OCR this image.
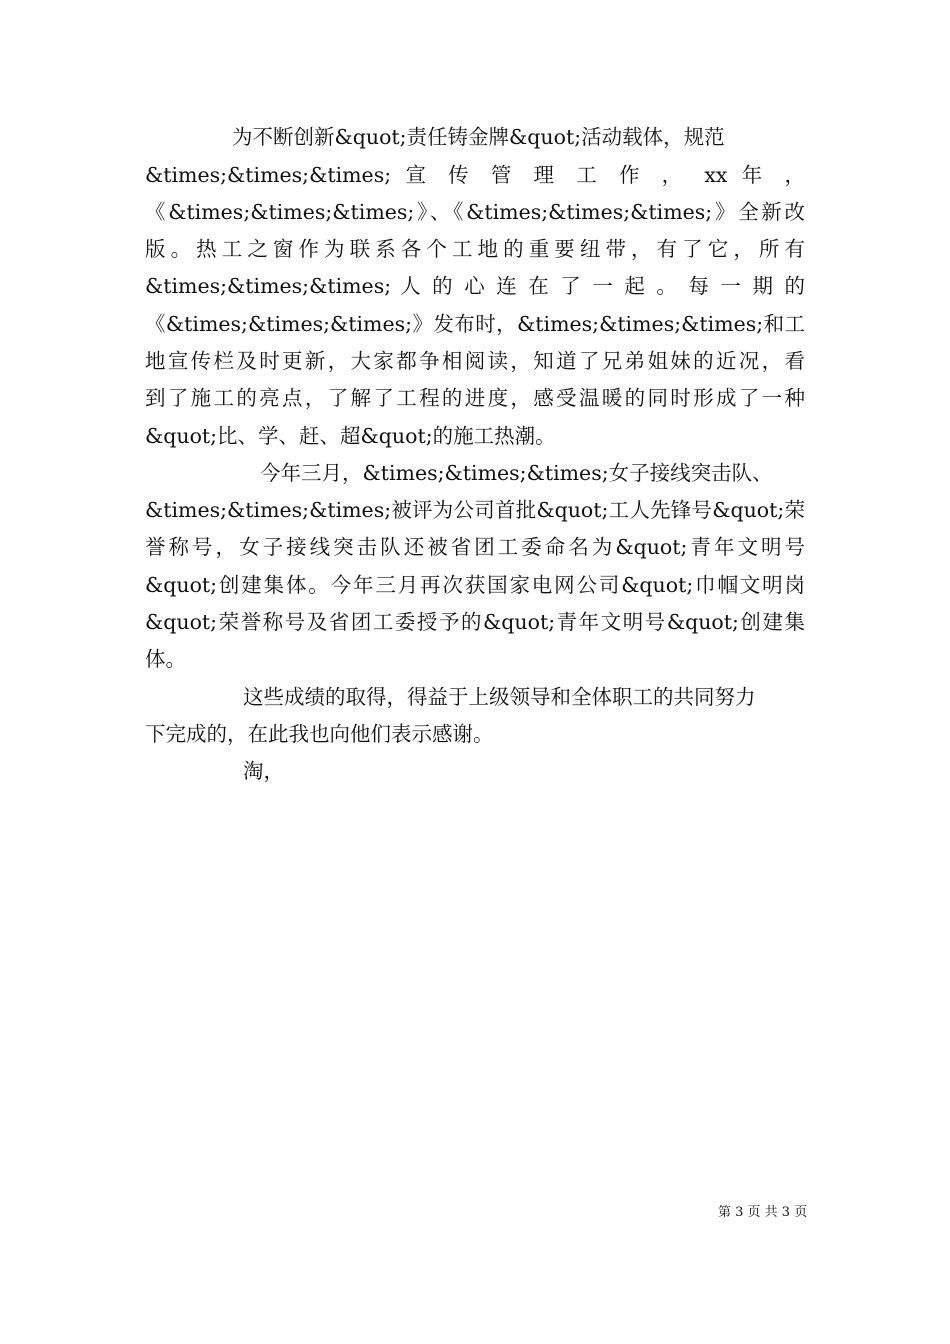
为不断创新&quot;责任铸金牌&quot;活动载体，规范
&times;&times;&times; 宣 传 管 理 工 作 ， xx 年 ，
《&times;&times;&times;》、《&times;&times;&times;》全新改
版。热工之窗作为联系各个工地的重要纽带，有了它，所有
&times;&times;&times; 人 的 心 连 在 了 一 起 。 每 一 期 的
《&times;&times;&times;》发布时，&times;&times;&times;和工
地宣传栏及时更新，大家都争相阅读，知道了兄弟姐妹的近况，看
到了施工的亮点，了解了工程的进度，感受温暖的同时形成了一种
&quot;比、学、赶、超&quot;的施工热潮。
今年三月，&times;&times;&times;女子接线突击队、
&times;&times;&times;被评为公司首批&quot;工人先锋号&quot;荣
誉称号，女子接线突击队还被省团工委命名为&quot;青年文明号
&quot;创建集体。今年三月再次获国家电网公司&quot;巾帼文明岗
&quot;荣誉称号及省团工委授予的&quot;青年文明号&quot;创建集
体。
这些成绩的取得，得益于上级领导和全体职工的共同努力
下完成的，在此我也向他们表示感谢。
淘，
第 3 页 共 3 页
